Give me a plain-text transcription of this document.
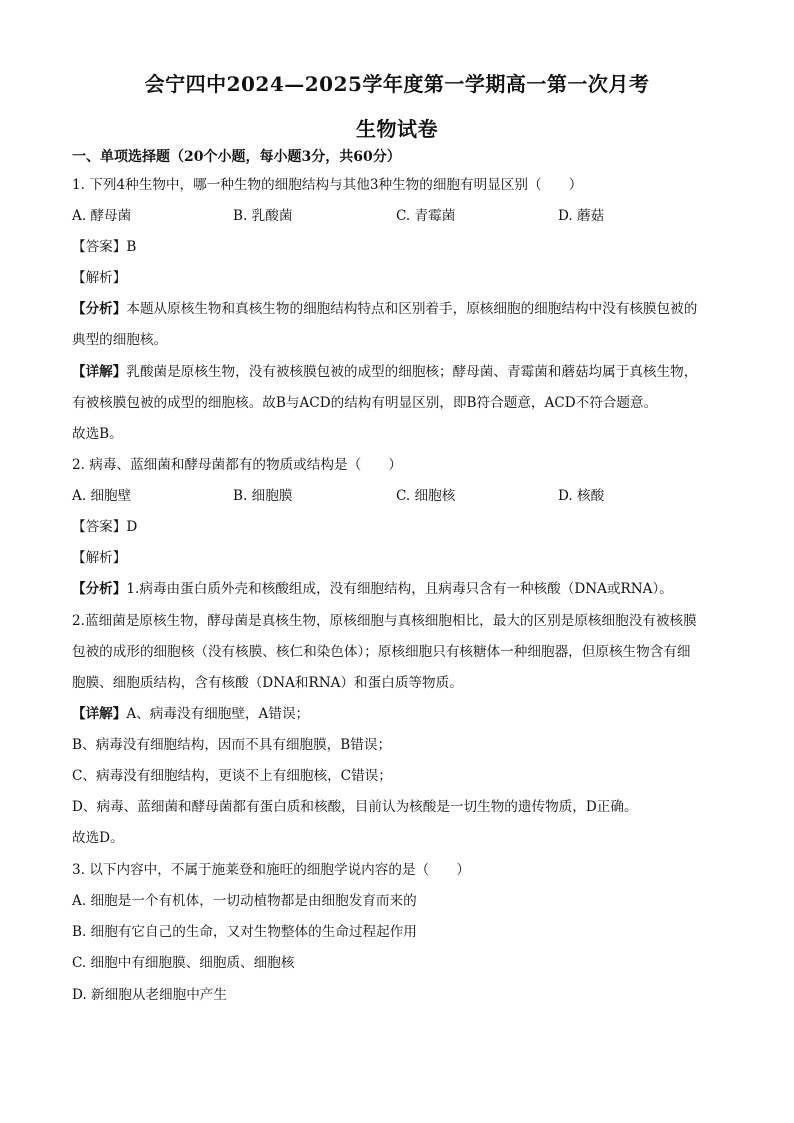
会宁四中2024—2025学年度第一学期高一第一次月考
生物试卷
一、单项选择题（20个小题，每小题3分，共60分）
1. 下列4种生物中，哪一种生物的细胞结构与其他3种生物的细胞有明显区别（　　）
A. 酵母菌	B. 乳酸菌	C. 青霉菌	D. 蘑菇
【答案】B
【解析】
【分析】本题从原核生物和真核生物的细胞结构特点和区别着手，原核细胞的细胞结构中没有核膜包被的
典型的细胞核。
【详解】乳酸菌是原核生物，没有被核膜包被的成型的细胞核；酵母菌、青霉菌和蘑菇均属于真核生物，
有被核膜包被的成型的细胞核。故B与ACD的结构有明显区别，即B符合题意，ACD不符合题意。
故选B。
2. 病毒、蓝细菌和酵母菌都有的物质或结构是（　　）
A. 细胞壁	B. 细胞膜	C. 细胞核	D. 核酸
【答案】D
【解析】
【分析】1.病毒由蛋白质外壳和核酸组成，没有细胞结构，且病毒只含有一种核酸（DNA或RNA）。
2.蓝细菌是原核生物，酵母菌是真核生物，原核细胞与真核细胞相比，最大的区别是原核细胞没有被核膜
包被的成形的细胞核（没有核膜、核仁和染色体）；原核细胞只有核糖体一种细胞器，但原核生物含有细
胞膜、细胞质结构，含有核酸（DNA和RNA）和蛋白质等物质。
【详解】A、病毒没有细胞壁，A错误；
B、病毒没有细胞结构，因而不具有细胞膜，B错误；
C、病毒没有细胞结构，更谈不上有细胞核，C错误；
D、病毒、蓝细菌和酵母菌都有蛋白质和核酸，目前认为核酸是一切生物的遗传物质，D正确。
故选D。
3. 以下内容中，不属于施莱登和施旺的细胞学说内容的是（　　）
A. 细胞是一个有机体，一切动植物都是由细胞发育而来的
B. 细胞有它自己的生命，又对生物整体的生命过程起作用
C. 细胞中有细胞膜、细胞质、细胞核
D. 新细胞从老细胞中产生
